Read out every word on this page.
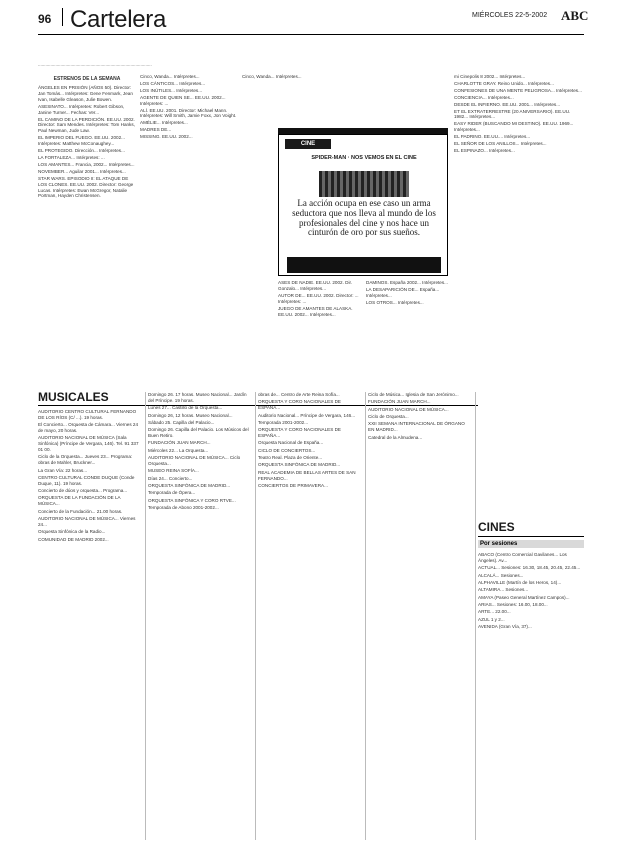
96 Cartelera	MIÉRCOLES 22-5-2002 ABC
...........................................................................................
ESTRENOS DE LA SEMANA

ÁNGELES EN PRISIÓN (AÑOS 50). Director: Jan Tomás... Intérpretes: Gene Fenmark, Jean Ivan, Isabelle Gleason, Julie Bowen.

ASESINATO... Intérpretes: Robert Gibson, Janine Turner... Fechas: Ver...

EL CAMINO DE LA PERDICIÓN. EE.UU. 2002. Director: Sam Mendes. Intérpretes: Tom Hanks, Paul Newman, Jude Law.

EL IMPERIO DEL FUEGO. EE.UU. 2002... Intérpretes: Matthew McConaughey...

EL PROTEGIDO. Dirección... Intérpretes...

LA FORTALEZA... Intérpretes: ...

LOS AMANTES... Francia, 2002... Intérpretes...

NOVEMBER... Aguilar 2001... Intérpretes...

STAR WARS. EPISODIO II: EL ATAQUE DE LOS CLONES. EE.UU. 2002. Director: George Lucas. Intérpretes: Ewan McGregor, Natalie Portman, Hayden Christensen.

Cinco, Wanda... Intérpretes...

LOS CÁNTICOS... Intérpretes...

LOS INÚTILES... Intérpretes...

AGENTE DE QUIEN SE... EE.UU. 2002... Intérpretes: ...

ALÍ. EE.UU. 2001. Director: Michael Mann. Intérpretes: Will Smith, Jamie Foxx, Jon Voight.

AMÉLIE... Intérpretes...

MADRES DE...

MISSING. EE.UU. 2002...

Cinco, Wanda... Intérpretes...

CINE
SPIDER-MAN · NOS VEMOS EN EL CINE
La acción ocupa en ese caso un arma seductora que nos lleva al mundo de los profesionales del cine y nos hace un cinturón de oro por sus sueños.

ASES DE NADIE. EE.UU. 2002. Dir. Gonzalo... Intérpretes...

AUTOR DE... EE.UU. 2002. Director: ... Intérpretes: ...

JUEGO DE AMANTES DE ALASKA. EE.UU. 2002... Intérpretes...

DAMINOS. España 2002... Intérpretes...

LA DESAPARICIÓN DE... España... Intérpretes...

LOS OTROS... Intérpretes...

mi Cinepolis 8 2002... Intérpretes...

CHARLOTTE GRAY. Reino Unido... Intérpretes...

CONFESIONES DE UNA MENTE PELIGROSA... Intérpretes...

CONCIENCIA... Intérpretes...

DESDE EL INFIERNO. EE.UU. 2001... Intérpretes...

ET EL EXTRATERRESTRE (20 ANIVERSARIO). EE.UU. 1982... Intérpretes...

EASY RIDER (BUSCANDO MI DESTINO). EE.UU. 1969... Intérpretes...

EL PADRINO. EE.UU.... Intérpretes...

EL SEÑOR DE LOS ANILLOS... Intérpretes...

EL ESPINAZO... Intérpretes...

MUSICALES

AUDITORIO CENTRO CULTURAL FERNANDO DE LOS RÍOS (C/ ...). 19 horas.

El Concierto... Orquesta de Cámara... Viernes 24 de mayo, 20 horas.

AUDITORIO NACIONAL DE MÚSICA (Sala Sinfónica) (Príncipe de Vergara, 146). Tel. 91 337 01 00.

Ciclo de la Orquesta... Jueves 23... Programa: obras de Mahler, Bruckner...

La Gran Vía: 22 horas...

CENTRO CULTURAL CONDE DUQUE (Conde Duque, 11). 19 horas.

Concierto de dúos y orquesta... Programa...

ORQUESTA DE LA FUNDACIÓN DE LA MÚSICA...

Concierto de la Fundación... 21.00 horas.

AUDITORIO NACIONAL DE MÚSICA... Viernes 24...

Orquesta Sinfónica de la Radio...

COMUNIDAD DE MADRID 2002...

Domingo 26. 17 horas. Museo Nacional... Jardín del Príncipe. 19 horas.

Lunes 27... Castillo de la Orquesta...

Domingo 26, 12 horas. Museo Nacional...

Sábado 25. Capilla del Palacio...

Domingo 26. Capilla del Palacio. Los Músicos del Buen Retiro.

FUNDACIÓN JUAN MARCH...

Miércoles 22... La Orquesta...

AUDITORIO NACIONAL DE MÚSICA... Ciclo Orquesta...

MUSEO REINA SOFÍA...

Días 24... Concierto...

ORQUESTA SINFÓNICA DE MADRID...

Temporada de Ópera...

ORQUESTA SINFÓNICA Y CORO RTVE...

Temporada de Abono 2001-2002...

obras de... Centro de Arte Reina Sofía...

ORQUESTA Y CORO NACIONALES DE ESPAÑA...

Auditorio Nacional... Príncipe de Vergara, 146...

Temporada 2001-2002...

ORQUESTA Y CORO NACIONALES DE ESPAÑA...

Orquesta Nacional de España...

CICLO DE CONCIERTOS...

Teatro Real. Plaza de Oriente...

ORQUESTA SINFÓNICA DE MADRID...

REAL ACADEMIA DE BELLAS ARTES DE SAN FERNANDO...

CONCIERTOS DE PRIMAVERA...

Ciclo de Música... Iglesia de San Jerónimo...

FUNDACIÓN JUAN MARCH...

AUDITORIO NACIONAL DE MÚSICA...

Ciclo de Orquesta...

XXII SEMANA INTERNACIONAL DE ÓRGANO EN MADRID...

Catedral de la Almudena...

CINES
Por sesiones

ABACO (Centro Comercial Gavilanes... Los Ángeles). Av...

ACTUAL... Sesiones: 16.30, 18.45, 20.45, 22.45...

ALCALÁ... Sesiones...

ALPHAVILLE (Martín de los Heros, 14)...

ALTAMIRA... Sesiones...

AMAYA (Paseo General Martínez Campos)...

ARIAS... Sesiones: 16.00, 18.00...

ARTE... 22.00...

AZUL 1 y 2...

AVENIDA (Gran Vía, 37)...
